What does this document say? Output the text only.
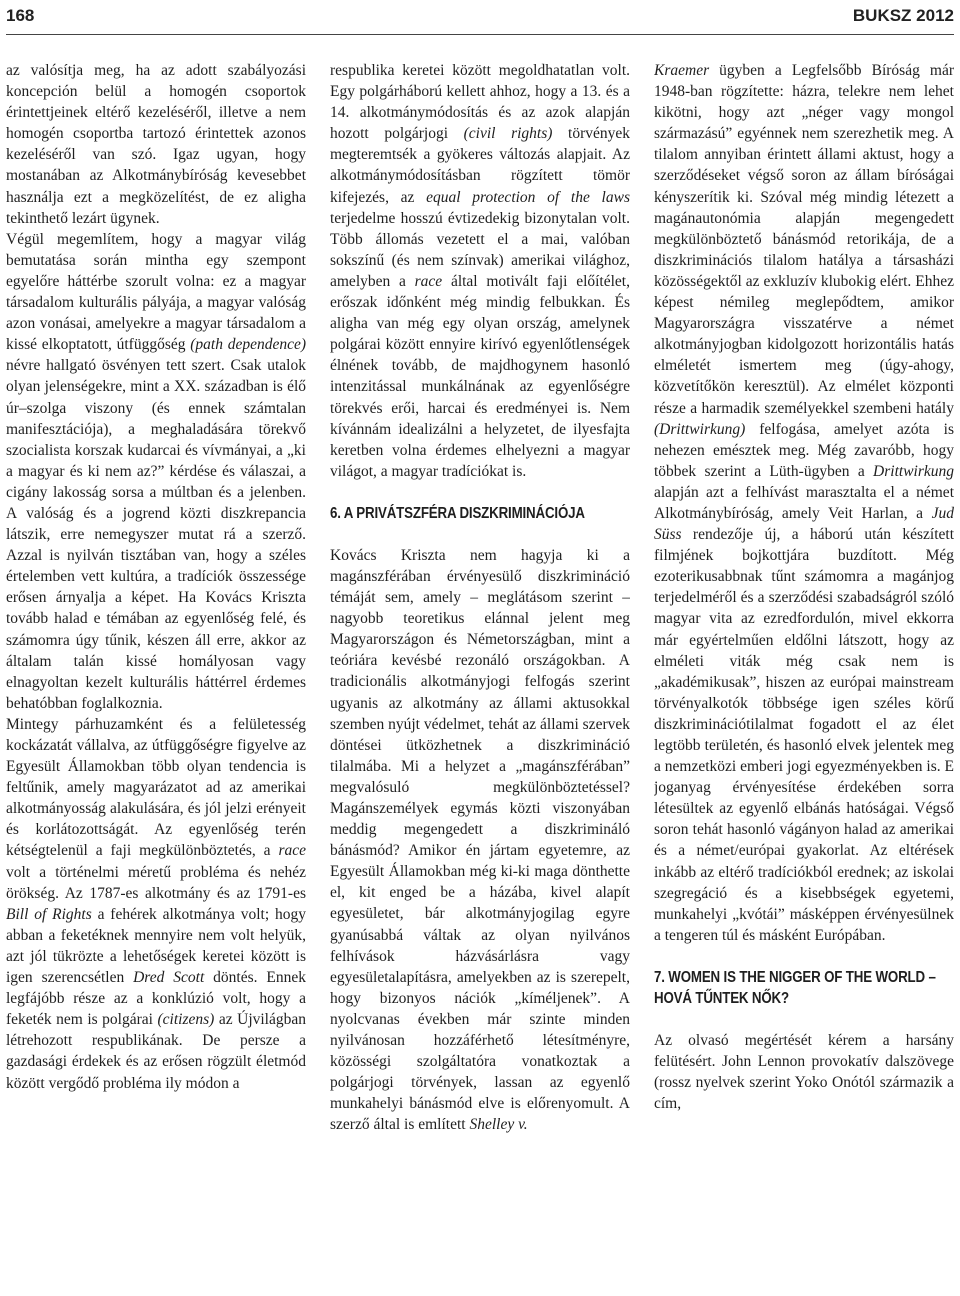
168	BUKSZ 2012

az valósítja meg, ha az adott szabályozási koncepción belül a homogén csoportok érintettjeinek eltérő kezeléséről, illetve a nem homogén csoportba tartozó érintettek azonos kezeléséről van szó. Igaz ugyan, hogy mostanában az Alkotmánybíróság kevesebbet használja ezt a megközelítést, de ez aligha tekinthető lezárt ügynek.

Végül megemlítem, hogy a magyar világ bemutatása során mintha egy szempont egyelőre háttérbe szorult volna: ez a magyar társadalom kulturális pályája, a magyar valóság azon vonásai, amelyekre a magyar társadalom a kissé elkoptatott, útfüggőség (path dependence) névre hallgató ösvényen tett szert. Csak utalok olyan jelenségekre, mint a XX. században is élő úr–szolga viszony (és ennek számtalan manifesztációja), a meghaladására törekvő szocialista korszak kudarcai és vívmányai, a „ki a magyar és ki nem az?” kérdése és válaszai, a cigány lakosság sorsa a múltban és a jelenben. A valóság és a jogrend közti diszkrepancia látszik, erre nemegyszer mutat rá a szerző. Azzal is nyilván tisztában van, hogy a széles értelemben vett kultúra, a tradíciók összessége erősen árnyalja a képet. Ha Kovács Kriszta tovább halad e témában az egyenlőség felé, és számomra úgy tűnik, készen áll erre, akkor az általam talán kissé homályosan vagy elnagyoltan kezelt kulturális háttérrel érdemes behatóbban foglalkoznia.

Mintegy párhuzamként és a felületesség kockázatát vállalva, az útfüggőségre figyelve az Egyesült Államokban több olyan tendencia is feltűnik, amely magyarázatot ad az amerikai alkotmányosság alakulására, és jól jelzi erényeit és korlátozottságát. Az egyenlőség terén kétségtelenül a faji megkülönböztetés, a race volt a történelmi méretű probléma és nehéz örökség. Az 1787-es alkotmány és az 1791-es Bill of Rights a fehérek alkotmánya volt; hogy abban a feketéknek mennyire nem volt helyük, azt jól tükrözte a lehetőségek keretei között is igen szerencsétlen Dred Scott döntés. Ennek legfájóbb része az a konklúzió volt, hogy a feketék nem is polgárai (citizens) az Újvilágban létrehozott respublikának. De persze a gazdasági érdekek és az erősen rögzült életmód között vergődő probléma ily módon a

respublika keretei között megoldhatatlan volt. Egy polgárháború kellett ahhoz, hogy a 13. és a 14. alkotmánymódosítás és az azok alapján hozott polgárjogi (civil rights) törvények megteremtsék a gyökeres változás alapjait. Az alkotmánymódosításban rögzített tömör kifejezés, az equal protection of the laws terjedelme hosszú évtizedekig bizonytalan volt. Több állomás vezetett el a mai, valóban sokszínű (és nem színvak) amerikai világhoz, amelyben a race által motivált faji előítélet, erőszak időnként még mindig felbukkan. És aligha van még egy olyan ország, amelynek polgárai között ennyire kirívó egyenlőtlenségek élnének tovább, de majdhogynem hasonló intenzitással munkálnának az egyenlőségre törekvés erői, harcai és eredményei is. Nem kívánnám idealizálni a helyzetet, de ilyesfajta keretben volna érdemes elhelyezni a magyar világot, a magyar tradíciókat is.

6. A PRIVÁTSZFÉRA DISZKRIMINÁCIÓJA

Kovács Kriszta nem hagyja ki a magánszférában érvényesülő diszkrimináció témáját sem, amely – meglátásom szerint – nagyobb teoretikus elánnal jelent meg Magyarországon és Németországban, mint a teóriára kevésbé rezonáló országokban. A tradicionális alkotmányjogi felfogás szerint ugyanis az alkotmány az állami aktusokkal szemben nyújt védelmet, tehát az állami szervek döntései ütközhetnek a diszkrimináció tilalmába. Mi a helyzet a „magánszférában” megvalósuló megkülönböztetéssel? Magánszemélyek egymás közti viszonyában meddig megengedett a diszkrimináló bánásmód? Amikor én jártam egyetemre, az Egyesült Államokban még ki-ki maga dönthette el, kit enged be a házába, kivel alapít egyesületet, bár alkotmányjogilag egyre gyanúsabbá váltak az olyan nyilvános felhívások házvásárlásra vagy egyesületalapításra, amelyekben az is szerepelt, hogy bizonyos nációk „kíméljenek”. A nyolcvanas években már szinte minden nyilvánosan hozzáférhető létesítményre, közösségi szolgáltatóra vonatkoztak a polgárjogi törvények, lassan az egyenlő munkahelyi bánásmód elve is előrenyomult. A szerző által is említett Shelley v.

Kraemer ügyben a Legfelsőbb Bíróság már 1948-ban rögzítette: házra, telekre nem lehet kikötni, hogy azt „néger vagy mongol származású” egyénnek nem szerezhetik meg. A tilalom annyiban érintett állami aktust, hogy a szerződéseket végső soron az állam bíróságai kényszerítik ki. Szóval még mindig létezett a magánautonómia alapján megengedett megkülönböztető bánásmód retorikája, de a diszkriminációs tilalom hatálya a társasházi közösségektől az exkluzív klubokig elért. Ehhez képest némileg meglepődtem, amikor Magyarországra visszatérve a német alkotmányjogban kidolgozott horizontális hatás elméletét ismertem meg (úgy-ahogy, közvetítőkön keresztül). Az elmélet központi része a harmadik személyekkel szembeni hatály (Drittwirkung) felfogása, amelyet azóta is nehezen emésztek meg. Még zavaróbb, hogy többek szerint a Lüth-ügyben a Drittwirkung alapján azt a felhívást marasztalta el a német Alkotmánybíróság, amely Veit Harlan, a Jud Süss rendezője új, a háború után készített filmjének bojkottjára buzdított. Még ezoterikusabbnak tűnt számomra a magánjog terjedelméről és a szerződési szabadságról szóló magyar vita az ezredfordulón, mivel ekkorra már egyértelműen eldőlni látszott, hogy az elméleti viták még csak nem is „akadémikusak”, hiszen az európai mainstream törvényalkotók többsége igen széles körű diszkriminációtilalmat fogadott el az élet legtöbb területén, és hasonló elvek jelentek meg a nemzetközi emberi jogi egyezményekben is. E joganyag érvényesítése érdekében sorra létesültek az egyenlő elbánás hatóságai. Végső soron tehát hasonló vágányon halad az amerikai és a német/európai gyakorlat. Az eltérések inkább az eltérő tradíciókból erednek; az iskolai szegregáció és a kisebbségek egyetemi, munkahelyi „kvótái” másképpen érvényesülnek a tengeren túl és másként Európában.

7. WOMEN IS THE NIGGER OF THE WORLD – HOVÁ TŰNTEK NŐK?

Az olvasó megértését kérem a harsány felütésért. John Lennon provokatív dalszövege (rossz nyelvek szerint Yoko Onótól származik a cím,
